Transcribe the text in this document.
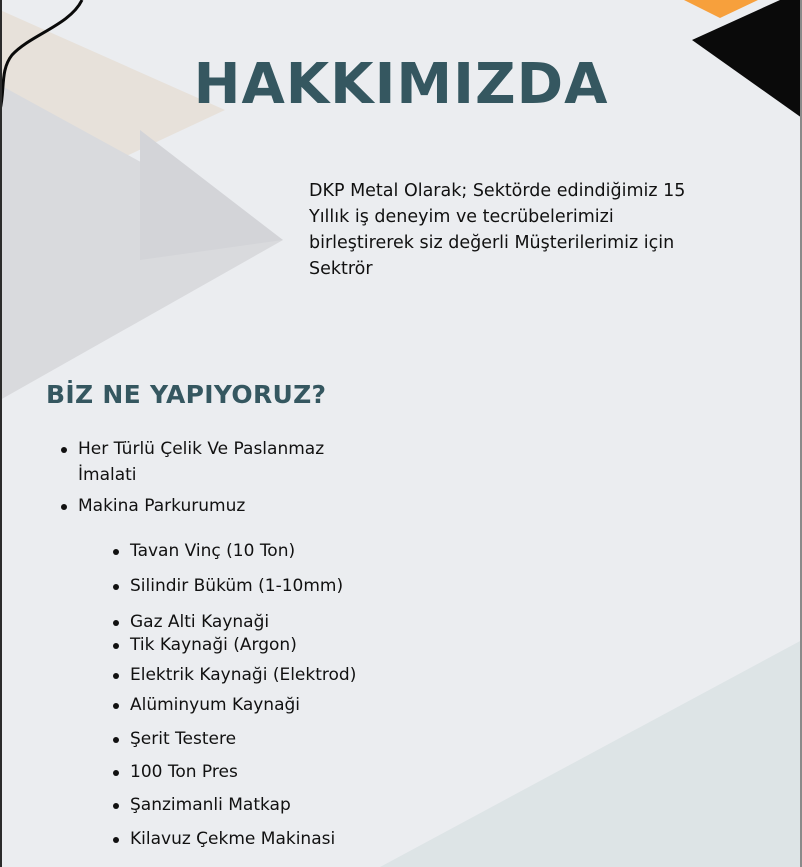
HAKKIMIZDA
DKP Metal Olarak; Sektörde edindiğimiz 15 Yıllık iş deneyim ve tecrübelerimizi birleştirerek siz değerli Müşterilerimiz için Sektrör
BİZ NE YAPIYORUZ?
Her Türlü Çelik Ve Paslanmaz İmalati
Makina Parkurumuz
Tavan Vinç (10 Ton)
Silindir Büküm (1-10mm)
Gaz Alti Kaynaği
Tik Kaynaği (Argon)
Elektrik Kaynaği (Elektrod)
Alüminyum Kaynaği
Şerit Testere
100 Ton Pres
Şanzimanli Matkap
Kilavuz Çekme Makinasi
